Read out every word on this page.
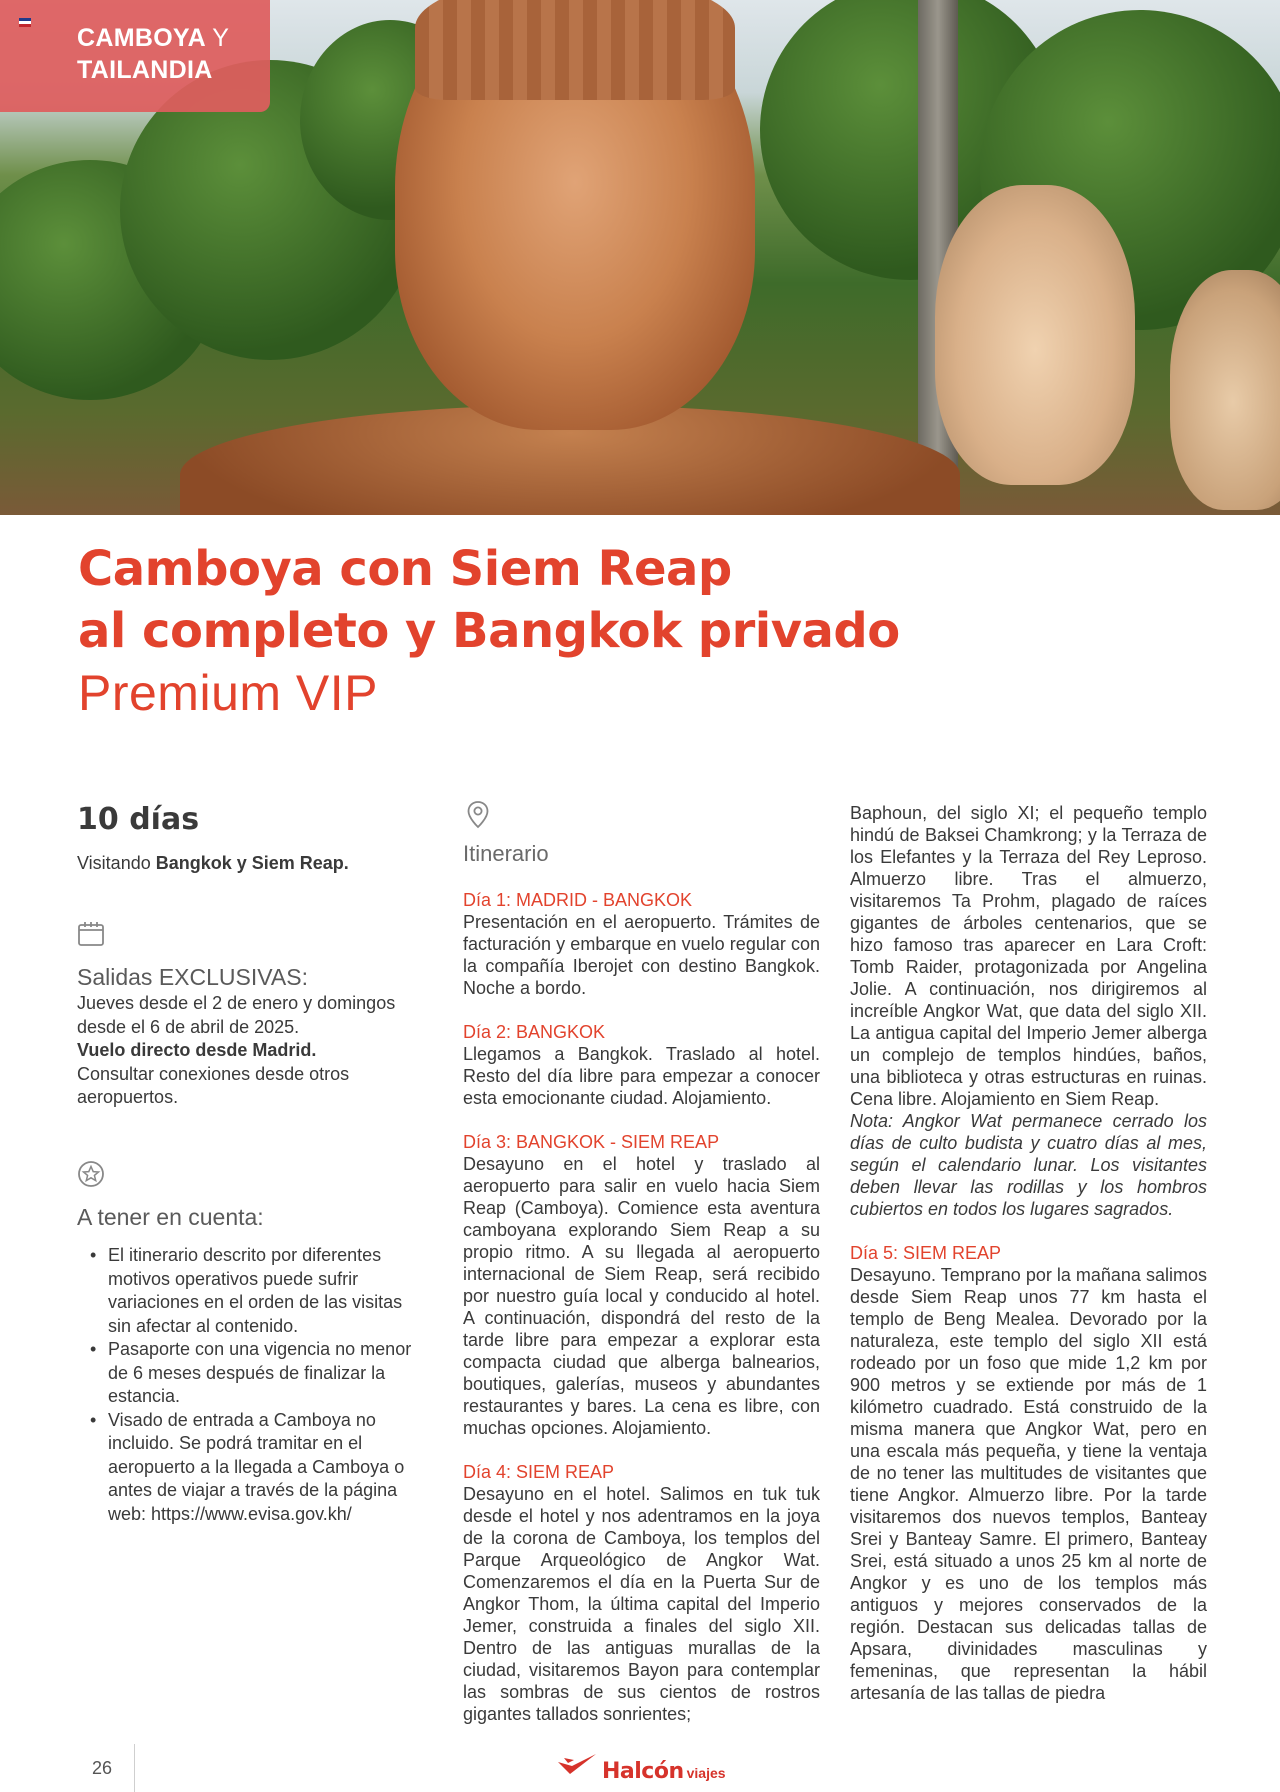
CAMBOYA Y
TAILANDIA
Camboya con Siem Reap
al completo y Bangkok privado
Premium VIP
10 días
Visitando Bangkok y Siem Reap.
Salidas EXCLUSIVAS:
Jueves desde el 2 de enero y domingos desde el 6 de abril de 2025.
Vuelo directo desde Madrid.
Consultar conexiones desde otros aeropuertos.
A tener en cuenta:
• El itinerario descrito por diferentes motivos operativos puede sufrir variaciones en el orden de las visitas sin afectar al contenido.
• Pasaporte con una vigencia no menor de 6 meses después de finalizar la estancia.
• Visado de entrada a Camboya no incluido. Se podrá tramitar en el aeropuerto a la llegada a Camboya o antes de viajar a través de la página web: https://www.evisa.gov.kh/
Itinerario
Día 1: MADRID - BANGKOK

Presentación en el aeropuerto. Trámites de facturación y embarque en vuelo regular con la compañía Iberojet con destino Bangkok. Noche a bordo.

Día 2: BANGKOK

Llegamos a Bangkok. Traslado al hotel. Resto del día libre para empezar a conocer esta emocionante ciudad. Alojamiento.

Día 3: BANGKOK - SIEM REAP

Desayuno en el hotel y traslado al aeropuerto para salir en vuelo hacia Siem Reap (Camboya). Comience esta aventura camboyana explorando Siem Reap a su propio ritmo. A su llegada al aeropuerto internacional de Siem Reap, será recibido por nuestro guía local y conducido al hotel. A continuación, dispondrá del resto de la tarde libre para empezar a explorar esta compacta ciudad que alberga balnearios, boutiques, galerías, museos y abundantes restaurantes y bares. La cena es libre, con muchas opciones. Alojamiento.

Día 4: SIEM REAP

Desayuno en el hotel. Salimos en tuk tuk desde el hotel y nos adentramos en la joya de la corona de Camboya, los templos del Parque Arqueológico de Angkor Wat. Comenzaremos el día en la Puerta Sur de Angkor Thom, la última capital del Imperio Jemer, construida a finales del siglo XII. Dentro de las antiguas murallas de la ciudad, visitaremos Bayon para contemplar las sombras de sus cientos de rostros gigantes tallados sonrientes;

Baphoun, del siglo XI; el pequeño templo hindú de Baksei Chamkrong; y la Terraza de los Elefantes y la Terraza del Rey Leproso. Almuerzo libre. Tras el almuerzo, visitaremos Ta Prohm, plagado de raíces gigantes de árboles centenarios, que se hizo famoso tras aparecer en Lara Croft: Tomb Raider, protagonizada por Angelina Jolie. A continuación, nos dirigiremos al increíble Angkor Wat, que data del siglo XII. La antigua capital del Imperio Jemer alberga un complejo de templos hindúes, baños, una biblioteca y otras estructuras en ruinas. Cena libre. Alojamiento en Siem Reap.

Nota: Angkor Wat permanece cerrado los días de culto budista y cuatro días al mes, según el calendario lunar. Los visitantes deben llevar las rodillas y los hombros cubiertos en todos los lugares sagrados.

Día 5: SIEM REAP

Desayuno. Temprano por la mañana salimos desde Siem Reap unos 77 km hasta el templo de Beng Mealea. Devorado por la naturaleza, este templo del siglo XII está rodeado por un foso que mide 1,2 km por 900 metros y se extiende por más de 1 kilómetro cuadrado. Está construido de la misma manera que Angkor Wat, pero en una escala más pequeña, y tiene la ventaja de no tener las multitudes de visitantes que tiene Angkor. Almuerzo libre. Por la tarde visitaremos dos nuevos templos, Banteay Srei y Banteay Samre. El primero, Banteay Srei, está situado a unos 25 km al norte de Angkor y es uno de los templos más antiguos y mejores conservados de la región. Destacan sus delicadas tallas de Apsara, divinidades masculinas y femeninas, que representan la hábil artesanía de las tallas de piedra

26	Halcón viajes
